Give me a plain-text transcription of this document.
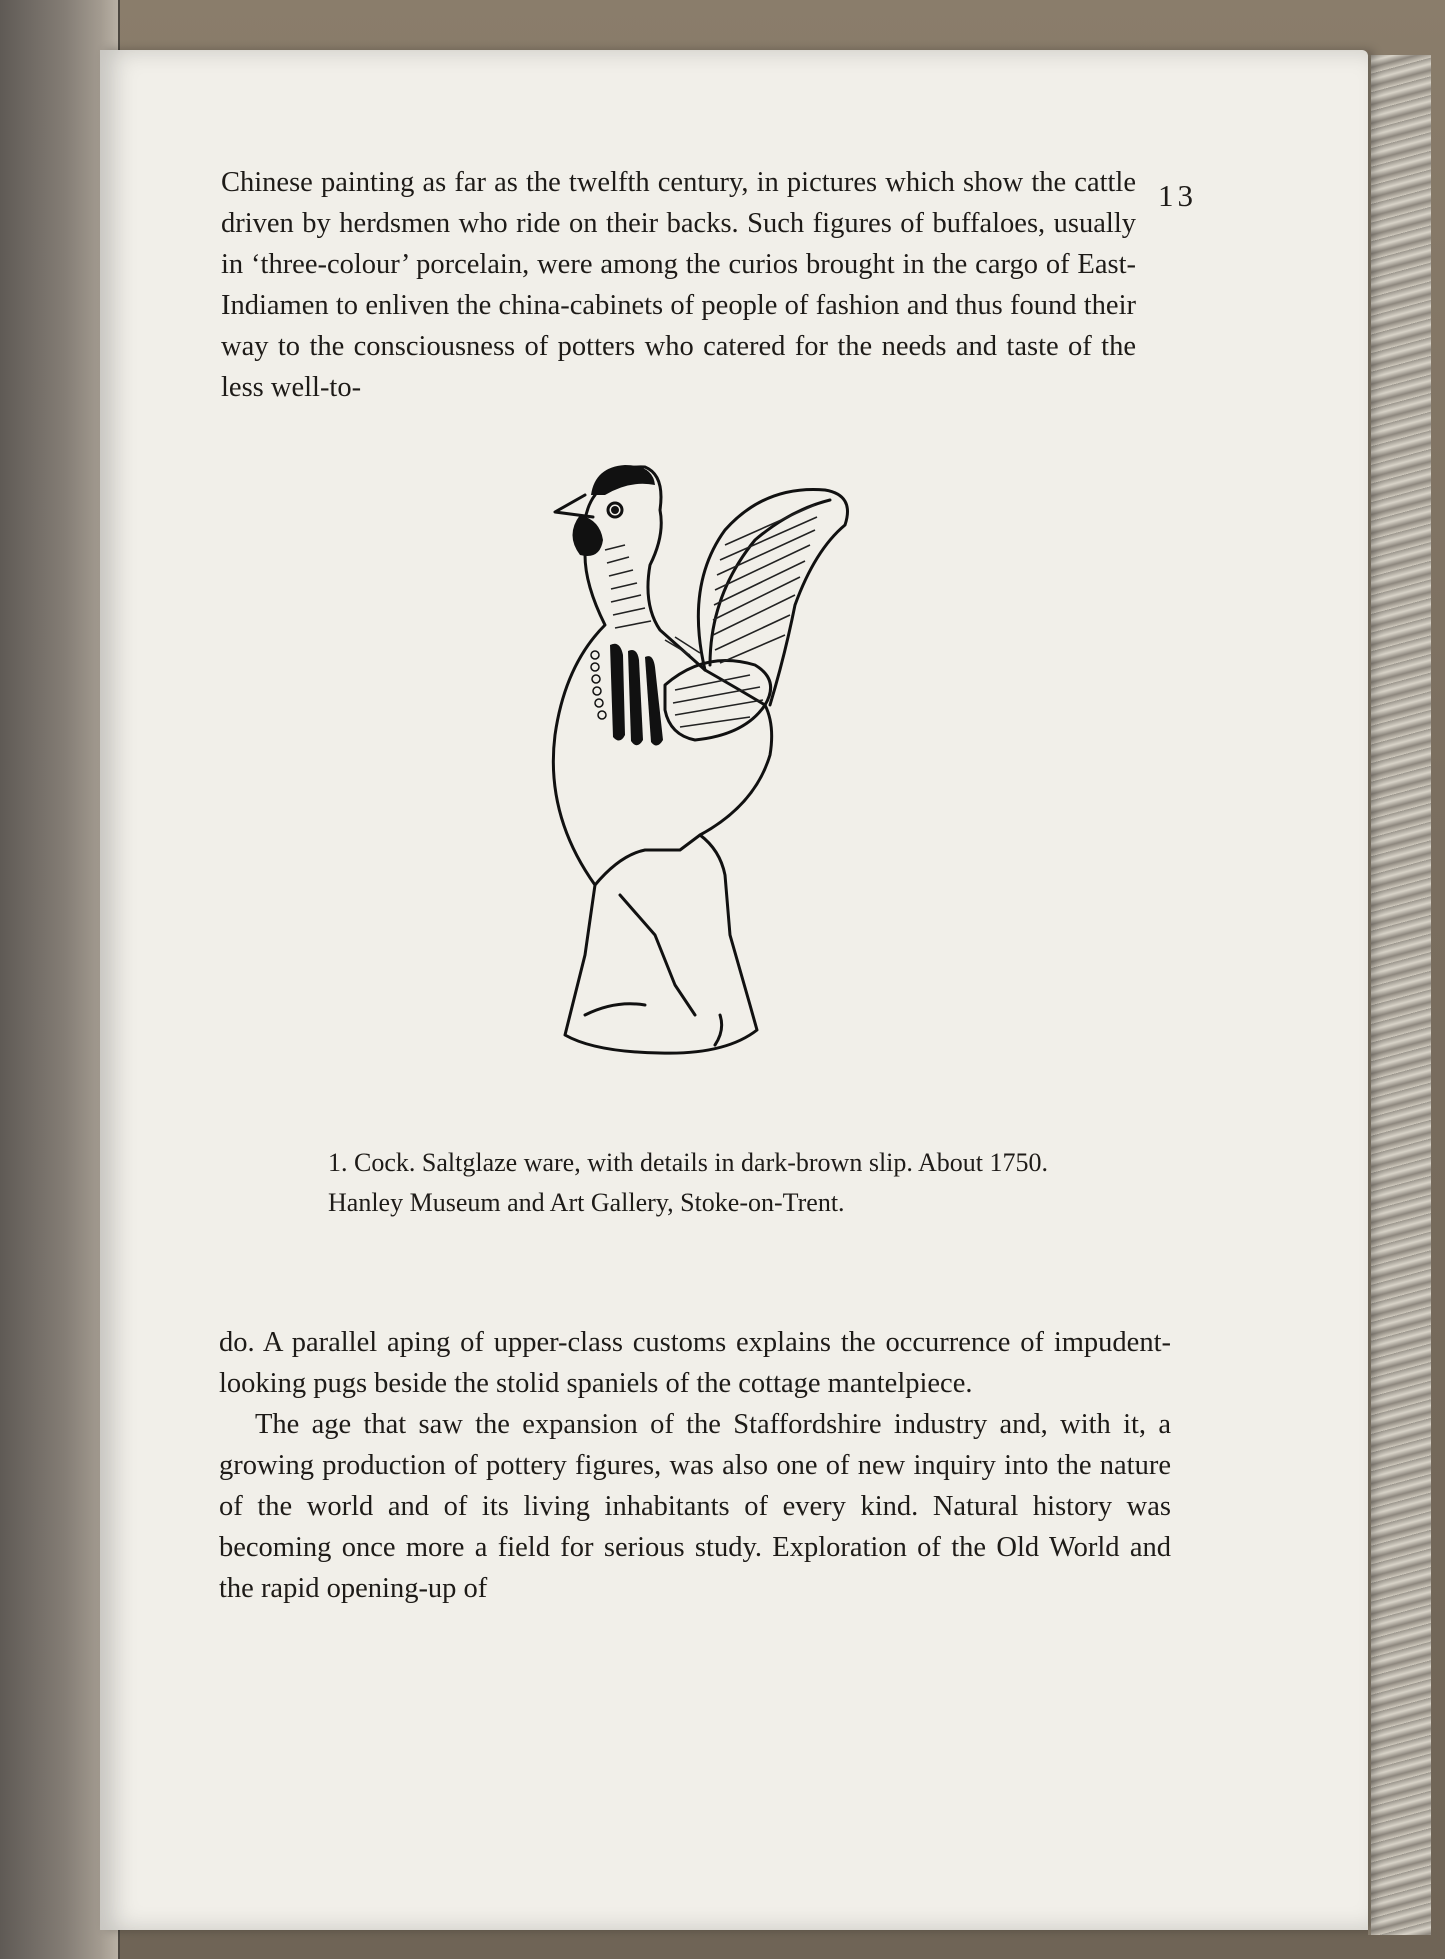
13

Chinese painting as far as the twelfth century, in pictures which show the cattle driven by herdsmen who ride on their backs. Such figures of buffaloes, usually in ‘three-colour’ porcelain, were among the curios brought in the cargo of East-Indiamen to enliven the china-cabinets of people of fashion and thus found their way to the consciousness of potters who catered for the needs and taste of the less well-to-

1. Cock. Saltglaze ware, with details in dark-brown slip. About 1750. Hanley Museum and Art Gallery, Stoke-on-Trent.

do. A parallel aping of upper-class customs explains the occurrence of impudent-looking pugs beside the stolid spaniels of the cottage mantelpiece.

The age that saw the expansion of the Staffordshire industry and, with it, a growing production of pottery figures, was also one of new inquiry into the nature of the world and of its living inhabitants of every kind. Natural history was becoming once more a field for serious study. Exploration of the Old World and the rapid opening-up of
